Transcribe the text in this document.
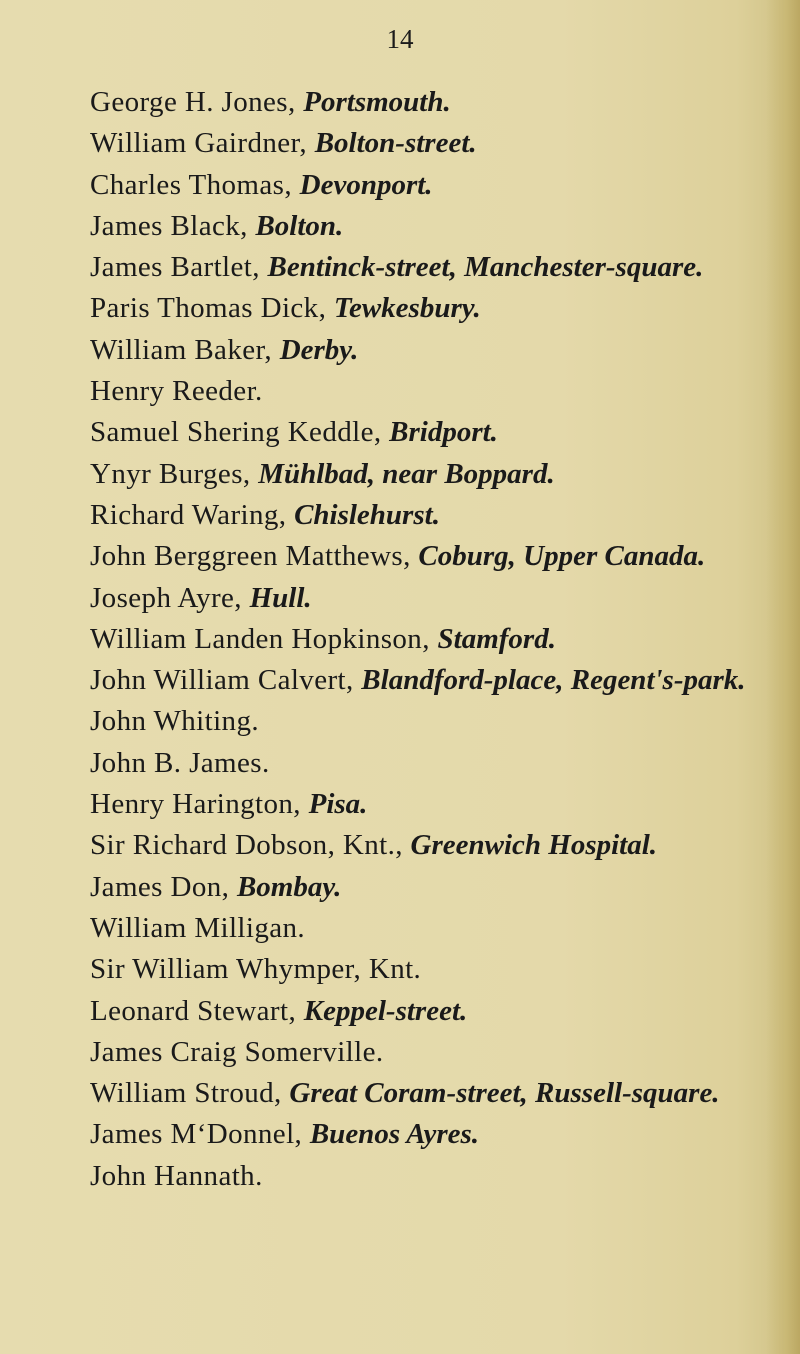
14

George H. Jones, Portsmouth.

William Gairdner, Bolton-street.

Charles Thomas, Devonport.

James Black, Bolton.

James Bartlet, Bentinck-street, Manchester-square.

Paris Thomas Dick, Tewkesbury.

William Baker, Derby.

Henry Reeder.

Samuel Shering Keddle, Bridport.

Ynyr Burges, Mühlbad, near Boppard.

Richard Waring, Chislehurst.

John Berggreen Matthews, Coburg, Upper Canada.

Joseph Ayre, Hull.

William Landen Hopkinson, Stamford.

John William Calvert, Blandford-place, Regent's-park.

John Whiting.

John B. James.

Henry Harington, Pisa.

Sir Richard Dobson, Knt., Greenwich Hospital.

James Don, Bombay.

William Milligan.

Sir William Whymper, Knt.

Leonard Stewart, Keppel-street.

James Craig Somerville.

William Stroud, Great Coram-street, Russell-square.

James M‘Donnel, Buenos Ayres.

John Hannath.
